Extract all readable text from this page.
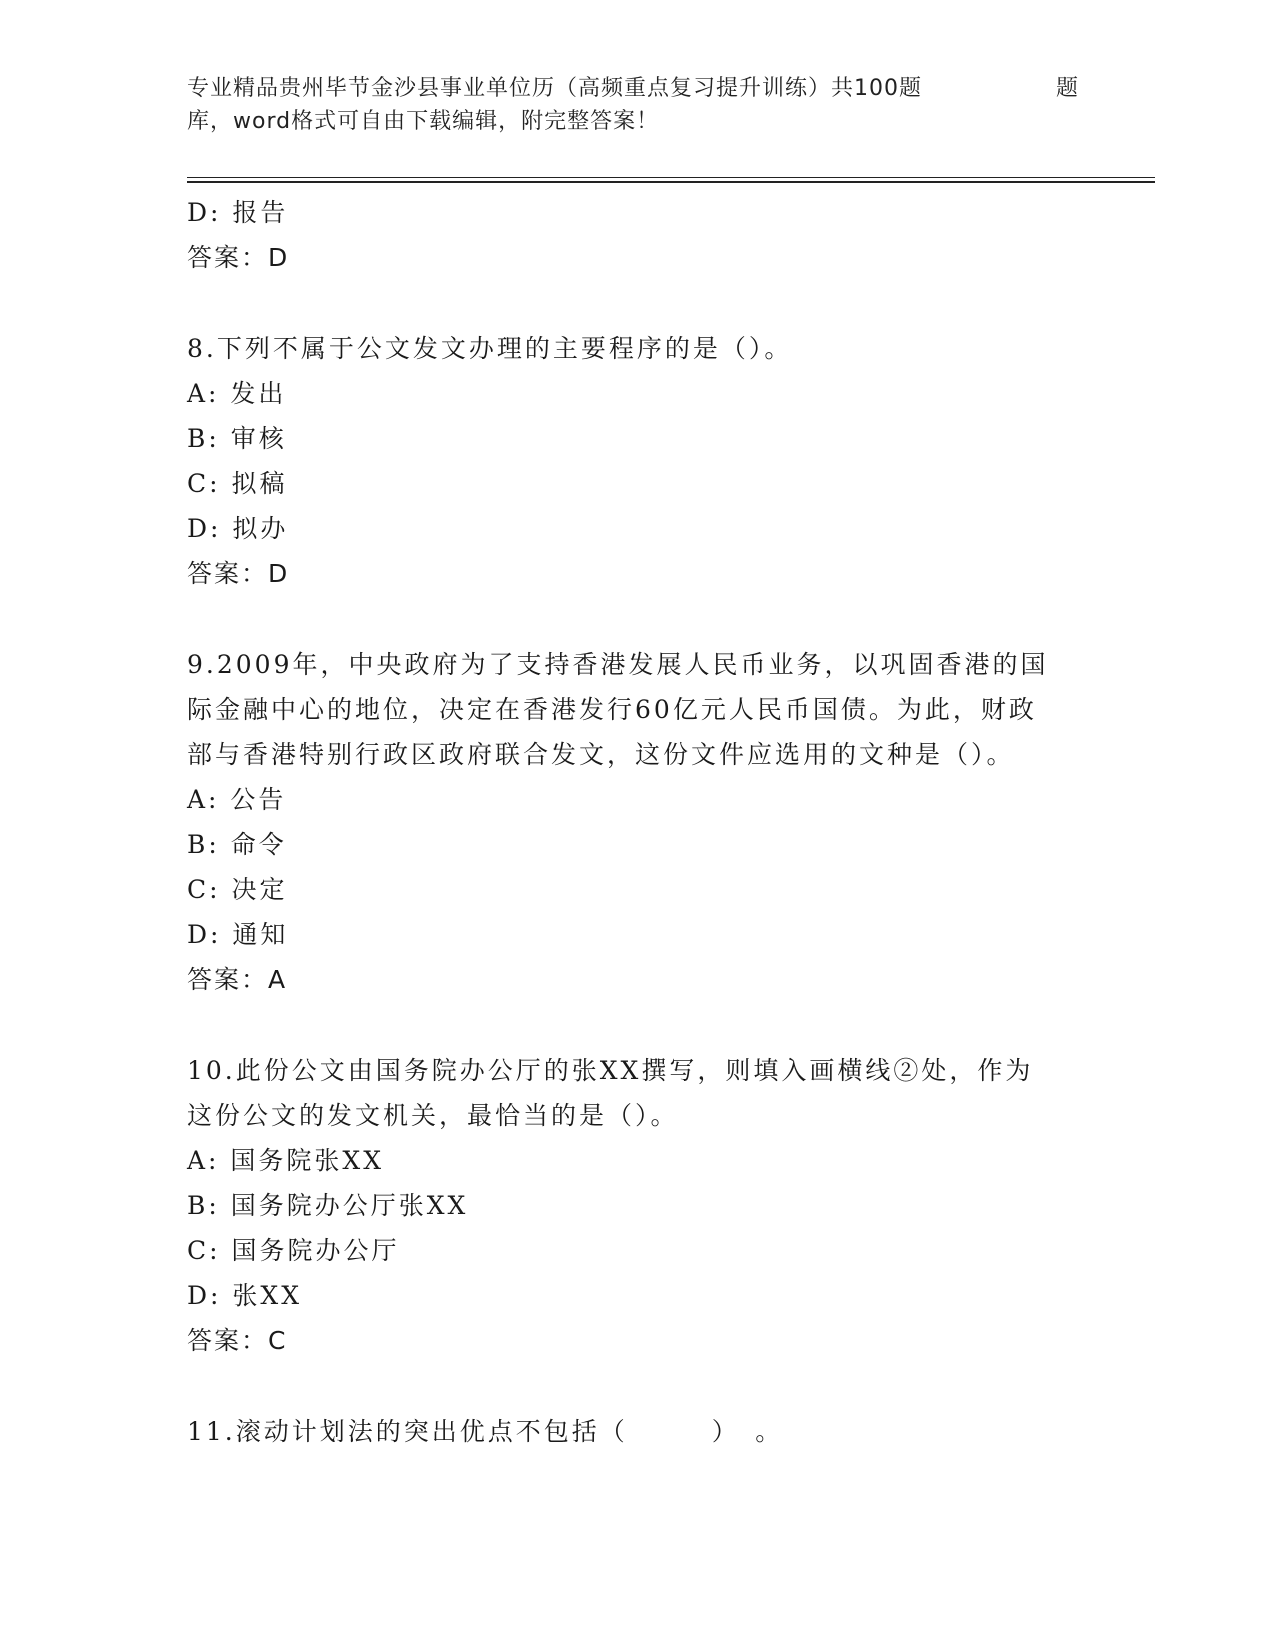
专业精品贵州毕节金沙县事业单位历（高频重点复习提升训练）共100题	题
库，word格式可自由下载编辑，附完整答案！
D: 报告
答案：D
8.下列不属于公文发文办理的主要程序的是（）。
A: 发出
B: 审核
C: 拟稿
D: 拟办
答案：D
9.2009年，中央政府为了支持香港发展人民币业务，以巩固香港的国
际金融中心的地位，决定在香港发行60亿元人民币国债。为此，财政
部与香港特别行政区政府联合发文，这份文件应选用的文种是（）。
A: 公告
B: 命令
C: 决定
D: 通知
答案：A
10.此份公文由国务院办公厅的张XX撰写，则填入画横线②处，作为
这份公文的发文机关，最恰当的是（）。
A: 国务院张XX
B: 国务院办公厅张XX
C: 国务院办公厅
D: 张XX
答案：C
11.滚动计划法的突出优点不包括（　　　）　。
